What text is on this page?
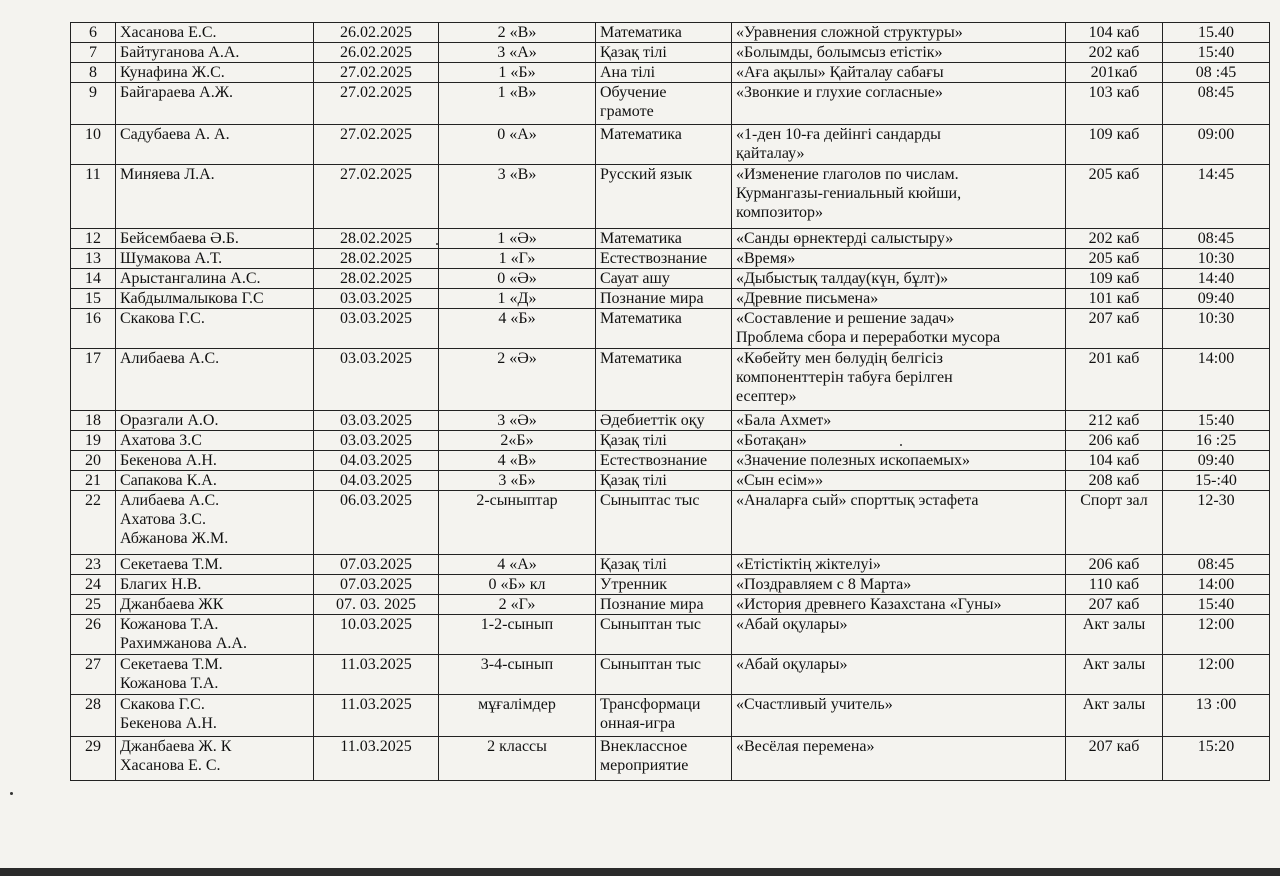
6	Хасанова Е.С.	26.02.2025	2 «В»	Математика	«Уравнения сложной структуры»	104 каб	15.40
7	Байтуганова А.А.	26.02.2025	3 «А»	Қазақ тілі	«Болымды, болымсыз етістік»	202 каб	15:40
8	Кунафина Ж.С.	27.02.2025	1 «Б»	Ана тілі	«Аға ақылы» Қайталау сабағы	201каб	08 :45
9	Байгараева А.Ж.	27.02.2025	1 «В»	Обучение
грамоте	«Звонкие и глухие согласные»	103 каб	08:45
10	Садубаева А. А.	27.02.2025	0 «А»	Математика	«1-ден 10-ға дейінгі сандарды
қайталау»	109 каб	09:00
11	Миняева Л.А.	27.02.2025	3 «В»	Русский язык	«Изменение глаголов по числам.
Курмангазы-гениальный кюйши,
композитор»	205 каб	14:45
12	Бейсембаева Ә.Б.	28.02.2025	1 «Ә»	Математика	«Санды өрнектерді салыстыру»	202 каб	08:45
13	Шумакова А.Т.	28.02.2025	1 «Г»	Естествознание	«Время»	205 каб	10:30
14	Арыстангалина А.С.	28.02.2025	0 «Ә»	Сауат ашу	«Дыбыстық талдау(күн, бұлт)»	109 каб	14:40
15	Кабдылмалыкова Г.С	03.03.2025	1 «Д»	Познание мира	«Древние письмена»	101 каб	09:40
16	Скакова Г.С.	03.03.2025	4 «Б»	Математика	«Составление и решение задач»
Проблема сбора и переработки мусора	207 каб	10:30
17	Алибаева А.С.	03.03.2025	2 «Ә»	Математика	«Көбейту мен бөлудің белгісіз
компоненттерін табуға берілген
есептер»	201 каб	14:00
18	Оразгали А.О.	03.03.2025	3 «Ә»	Әдебиеттік оқу	«Бала Ахмет»	212 каб	15:40
19	Ахатова З.С	03.03.2025	2«Б»	Қазақ тілі	«Ботақан»	206 каб	16 :25
20	Бекенова А.Н.	04.03.2025	4 «В»	Естествознание	«Значение полезных ископаемых»	104 каб	09:40
21	Сапакова К.А.	04.03.2025	3 «Б»	Қазақ тілі	«Сын есім»»	208 каб	15-:40
22	Алибаева А.С.
Ахатова З.С.
Абжанова Ж.М.	06.03.2025	2-сыныптар	Сыныптас тыс	«Аналарға сый» спорттық эстафета	Спорт зал	12-30
23	Секетаева Т.М.	07.03.2025	4 «А»	Қазақ тілі	«Етістіктің жіктелуі»	206 каб	08:45
24	Благих Н.В.	07.03.2025	0 «Б» кл	Утренник	«Поздравляем с 8 Марта»	110 каб	14:00
25	Джанбаева ЖК	07. 03. 2025	2 «Г»	Познание мира	«История древнего Казахстана «Гуны»	207 каб	15:40
26	Кожанова Т.А.
Рахимжанова А.А.	10.03.2025	1-2-сынып	Сыныптан тыс	«Абай оқулары»	Акт залы	12:00
27	Секетаева Т.М.
Кожанова Т.А.	11.03.2025	3-4-сынып	Сыныптан тыс	«Абай оқулары»	Акт залы	12:00
28	Скакова Г.С.
Бекенова А.Н.	11.03.2025	мұғалімдер	Трансформаци
онная-игра	«Счастливый учитель»	Акт залы	13 :00
29	Джанбаева Ж. К
Хасанова Е. С.	11.03.2025	2 классы	Внеклассное
мероприятие	«Весёлая перемена»	207 каб	15:20
